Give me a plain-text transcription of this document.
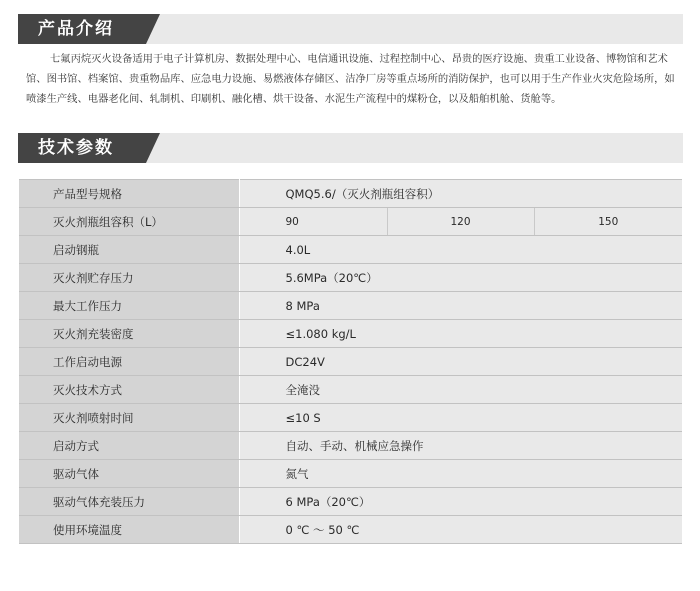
产品介绍
七氟丙烷灭火设备适用于电子计算机房、数据处理中心、电信通讯设施、过程控制中心、昂贵的医疗设施、贵重工业设备、博物馆和艺术馆、图书馆、档案馆、贵重物品库、应急电力设施、易燃液体存储区、洁净厂房等重点场所的消防保护，也可以用于生产作业火灾危险场所，如喷漆生产线、电器老化间、轧制机、印刷机、融化槽、烘干设备、水泥生产流程中的煤粉仓，以及船舶机舱、货舱等。
技术参数
产品型号规格	QMQ5.6/（灭火剂瓶组容积）		
灭火剂瓶组容积（L）	90	120	150
启动钢瓶	4.0L		
灭火剂贮存压力	5.6MPa（20℃）		
最大工作压力	8 MPa		
灭火剂充装密度	≤1.080 kg/L		
工作启动电源	DC24V		
灭火技术方式	全淹没		
灭火剂喷射时间	≤10 S		
启动方式	自动、手动、机械应急操作		
驱动气体	氮气		
驱动气体充装压力	6 MPa（20℃）		
使用环境温度	0 ℃ ～ 50 ℃		
